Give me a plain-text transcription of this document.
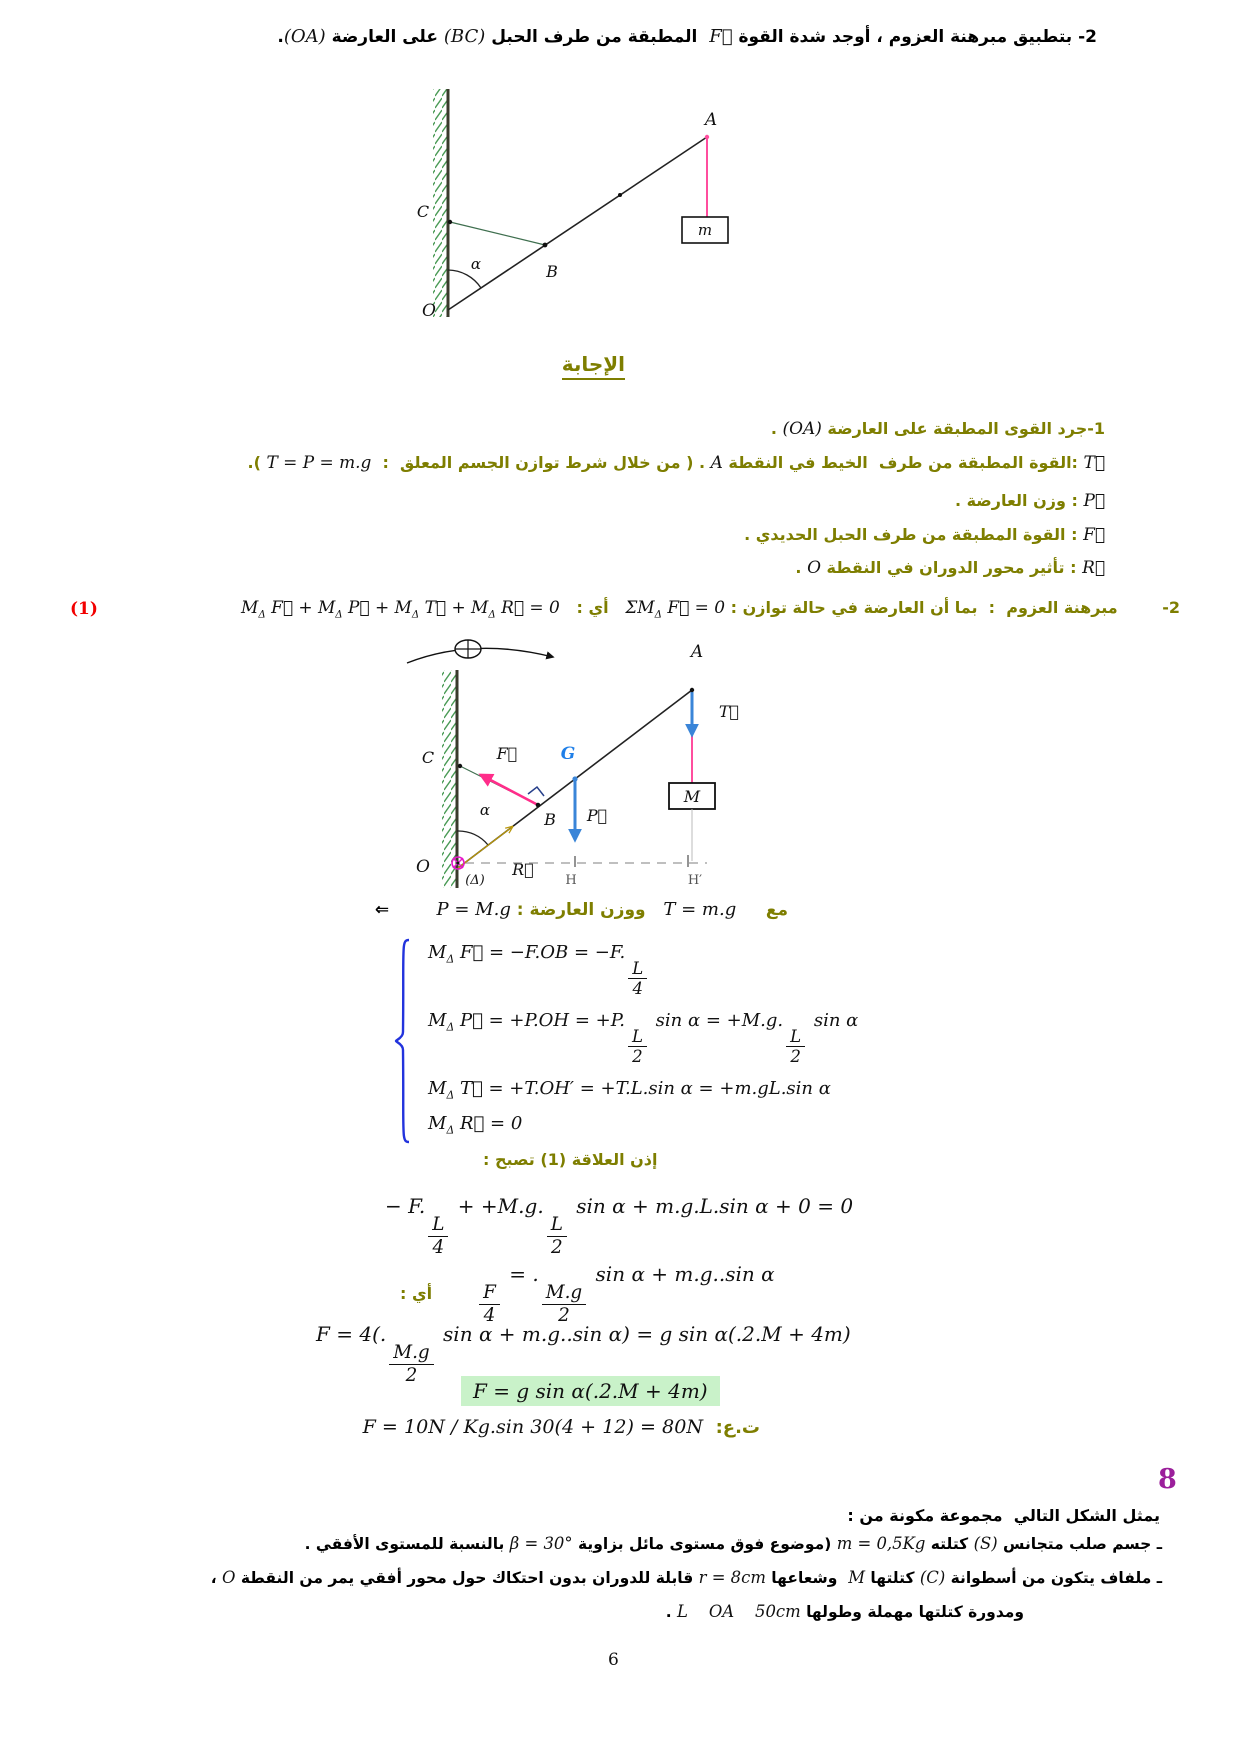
2- بتطبيق مبرهنة العزوم ، أوجد شدة القوة F⃗  المطبقة من طرف الحبل (BC) على العارضة (OA).
A
C
B
O
α
m
الإجابة
1-جرد القوى المطبقة على العارضة (OA) .
T⃗ :القوة المطبقة من طرف  الخيط في النقطة A . ( من خلال شرط توازن الجسم المعلق  :  T = P = m.g ).
P⃗ : وزن العارضة .
F⃗ : القوة المطبقة من طرف الحبل الحديدي .
R⃗ : تأثير محور الدوران في النقطة O .
(1)	2-        مبرهنة العزوم  :  بما أن العارضة في حالة توازن : $\Sigma M_\Delta$ F⃗ = 0   أي :   $M_\Delta$ F⃗ + $M_\Delta$ P⃗ + $M_\Delta$ T⃗ + $M_\Delta$ R⃗ = 0
A
T⃗
C	F⃗	G
α	B P⃗
M
O
(Δ)
R⃗
H	H′
مع     T = m.g   ووزن العارضة : P = M.g        ⇐
$M_\Delta$ F⃗ = −F.OB = −F.
$\frac{L}{4}$
$M_\Delta$ P⃗ = +P.OH = +P.
$\frac{L}{2}$
sin α = +M.g.
$\frac{L}{2}$
sin α
$M_\Delta$ T⃗ = +T.OH′ = +T.L.sin α = +m.gL.sin α
$M_\Delta$ R⃗ = 0
إذن العلاقة (1) تصبح :
− F.
$\frac{L}{4}$
+ +M.g.
$\frac{L}{2}$
sin α + m.g.L.sin α + 0 = 0
أي :	$\frac{F}{4}$
= .
$\frac{M.g}{2}$
sin α + m.g..sin α
F = 4(.
$\frac{M.g}{2}$
sin α + m.g..sin α) = g sin α(.2.M + 4m)
F = g sin α(.2.M + 4m)
ت.ع:  F = 10N / Kg.sin 30(4 + 12) = 80N
8
يمثل الشكل التالي  مجموعة مكونة من :
ـ جسم صلب متجانس (S) كتلته m = 0,5Kg (موضوع فوق مستوى مائل بزاوية β = 30° بالنسبة للمستوى الأفقي .
ـ ملفاف يتكون من أسطوانة (C) كتلتها M  وشعاعها r = 8cm قابلة للدوران بدون احتكاك حول محور أفقي يمر من النقطة O ،
ومدورة كتلتها مهملة وطولها L    OA    50cm .
6
